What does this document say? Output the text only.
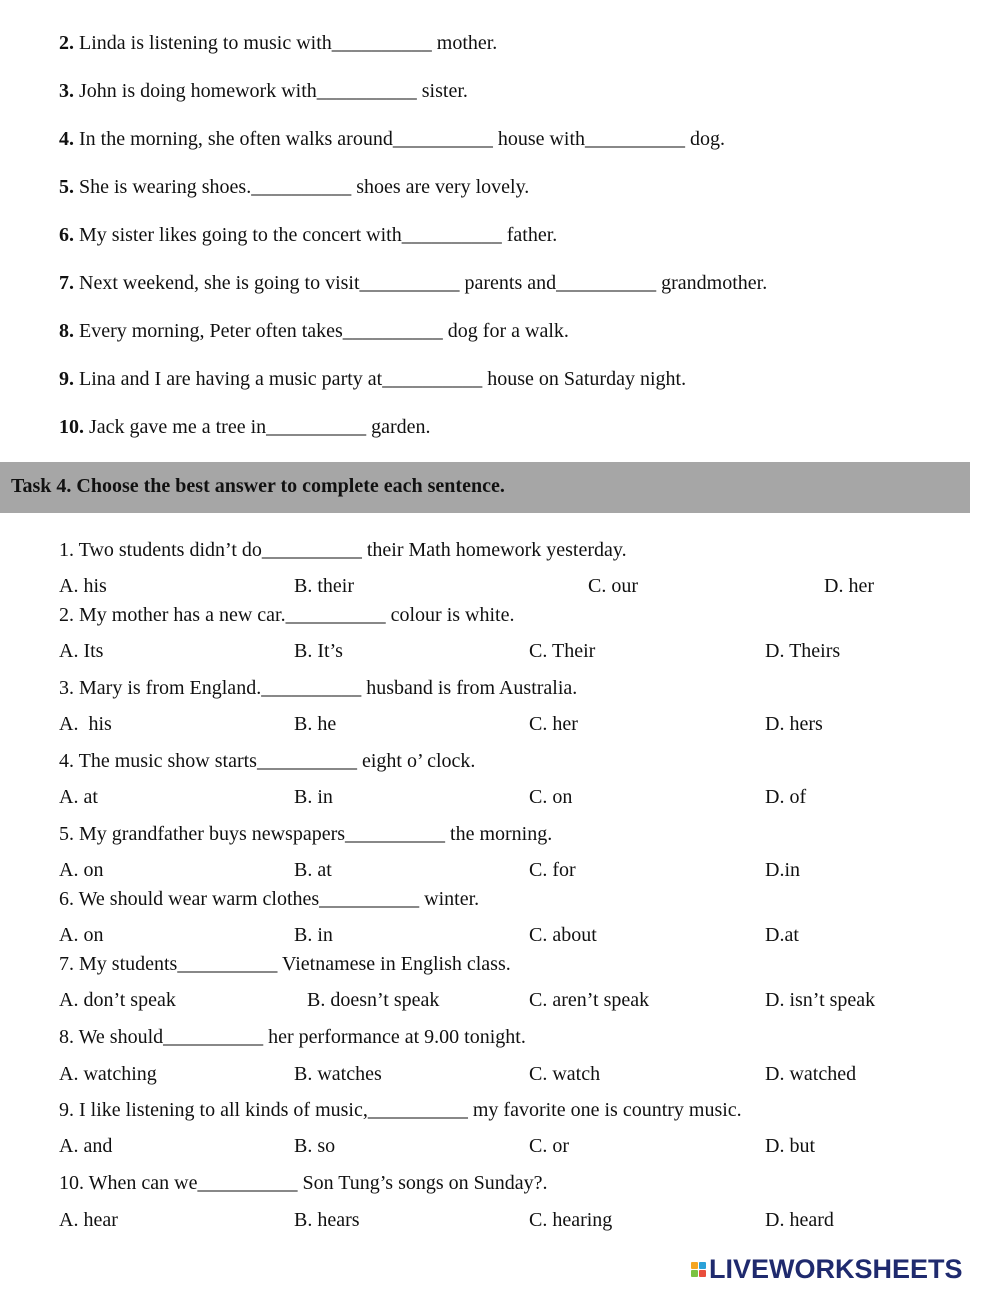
2. Linda is listening to music with__________ mother.
3. John is doing homework with__________ sister.
4. In the morning, she often walks around__________ house with__________ dog.
5. She is wearing shoes.__________ shoes are very lovely.
6. My sister likes going to the concert with__________ father.
7. Next weekend, she is going to visit__________ parents and__________ grandmother.
8. Every morning, Peter often takes__________ dog for a walk.
9. Lina and I are having a music party at__________ house on Saturday night.
10. Jack gave me a tree in__________ garden.
Task 4. Choose the best answer to complete each sentence.
1. Two students didn’t do__________ their Math homework yesterday.
A. his	B. their	C. our	D. her
2. My mother has a new car.__________ colour is white.
A. Its	B. It’s	C. Their	D. Theirs
3. Mary is from England.__________ husband is from Australia.
A.  his	B. he	C. her	D. hers
4. The music show starts__________ eight o’ clock.
A. at	B. in	C. on	D. of
5. My grandfather buys newspapers__________ the morning.
A. on	B. at	C. for	D.in
6. We should wear warm clothes__________ winter.
A. on	B. in	C. about	D.at
7. My students__________ Vietnamese in English class.
A. don’t speak	B. doesn’t speak	C. aren’t speak	D. isn’t speak
8. We should__________ her performance at 9.00 tonight.
A. watching	B. watches	C. watch	D. watched
9. I like listening to all kinds of music,__________ my favorite one is country music.
A. and	B. so	C. or	D. but
10. When can we__________ Son Tung’s songs on Sunday?.
A. hear	B. hears	C. hearing	D. heard
LIVEWORKSHEETS
